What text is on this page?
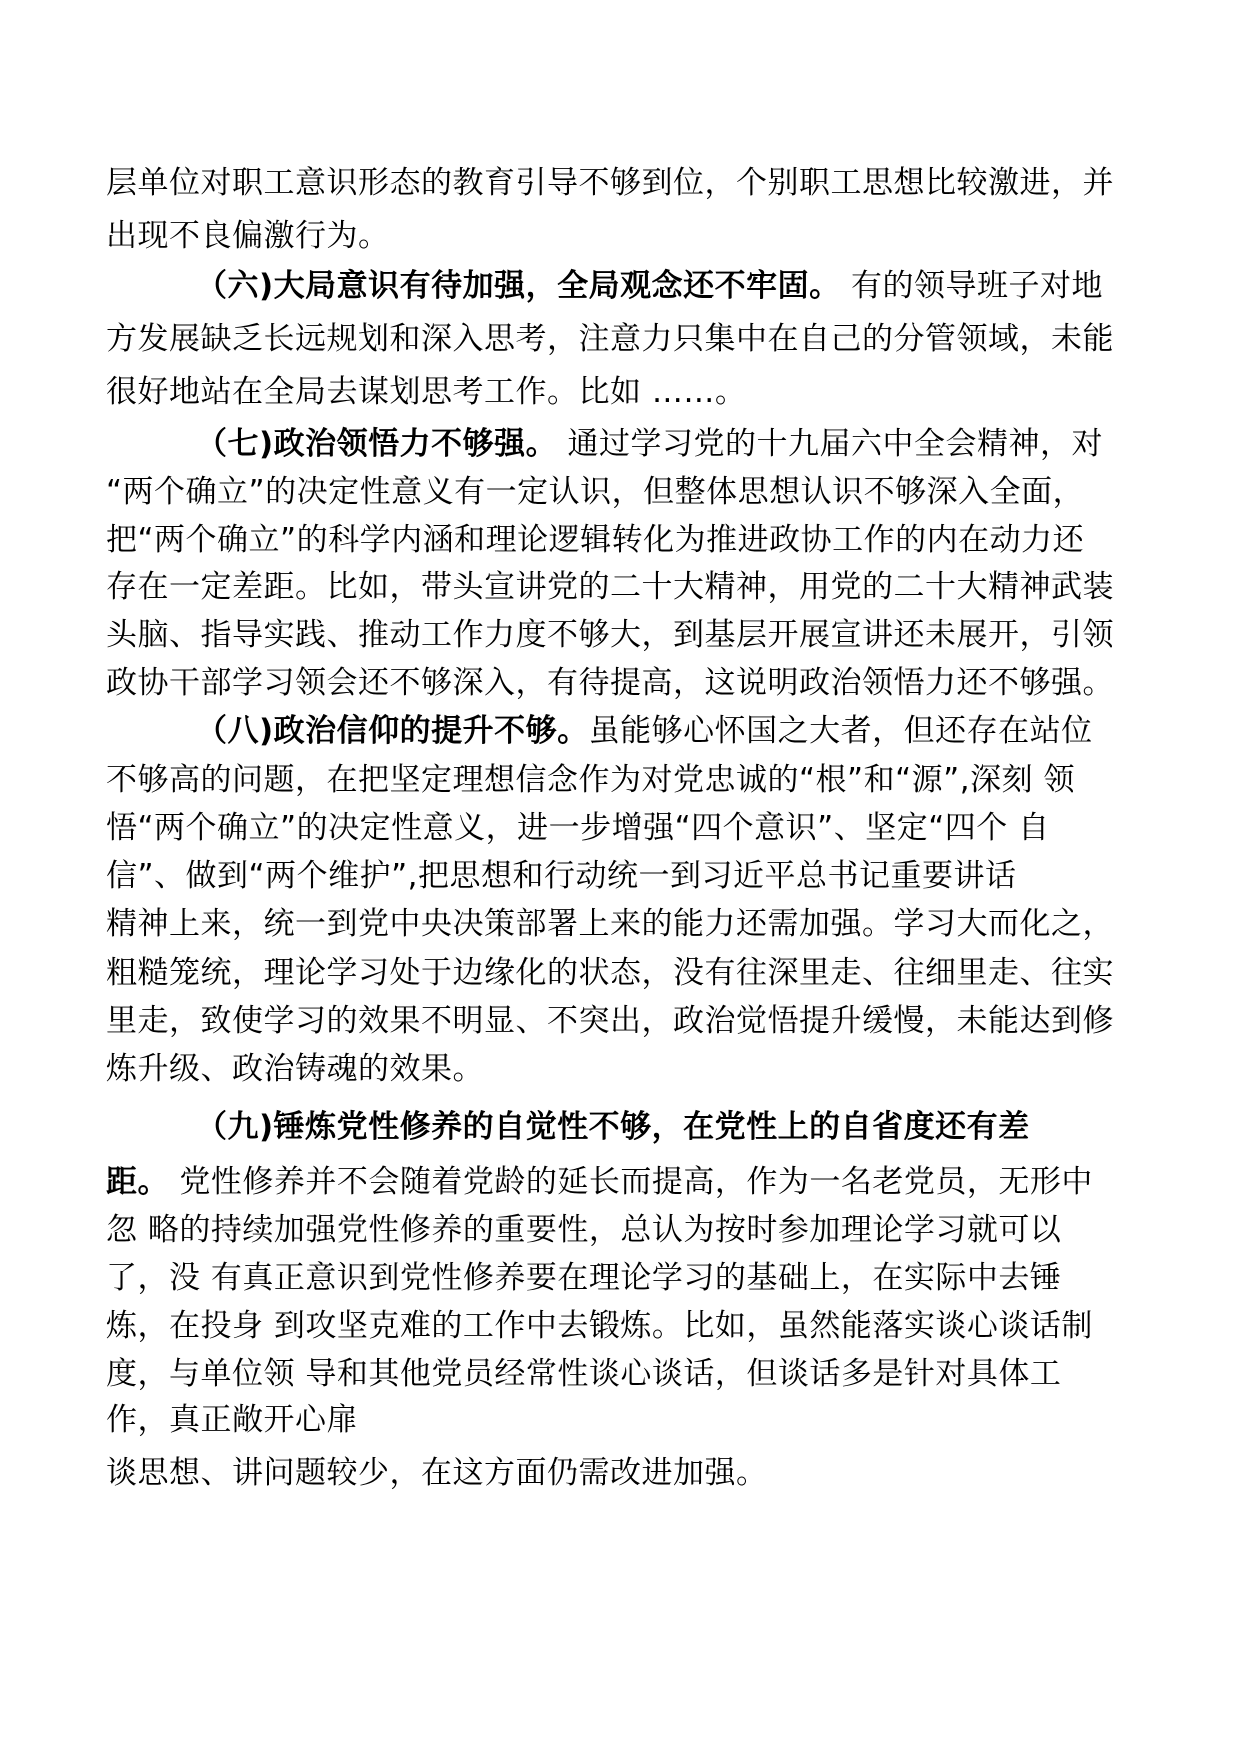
层单位对职工意识形态的教育引导不够到位，个别职工思想比较激进，并
出现不良偏激行为。
（六)大局意识有待加强，全局观念还不牢固。 有的领导班子对地
方发展缺乏长远规划和深入思考，注意力只集中在自己的分管领域，未能
很好地站在全局去谋划思考工作。比如 ……。
（七)政治领悟力不够强。 通过学习党的十九届六中全会精神，对
“两个确立”的决定性意义有一定认识，但整体思想认识不够深入全面，
把“两个确立”的科学内涵和理论逻辑转化为推进政协工作的内在动力还
存在一定差距。比如，带头宣讲党的二十大精神，用党的二十大精神武装
头脑、指导实践、推动工作力度不够大，到基层开展宣讲还未展开，引领
政协干部学习领会还不够深入，有待提高，这说明政治领悟力还不够强。
（八)政治信仰的提升不够。虽能够心怀国之大者，但还存在站位
不够高的问题，在把坚定理想信念作为对党忠诚的“根”和“源”,深刻 领
悟“两个确立”的决定性意义，进一步增强“四个意识”、坚定“四个 自
信”、做到“两个维护”,把思想和行动统一到习近平总书记重要讲话
精神上来，统一到党中央决策部署上来的能力还需加强。学习大而化之，
粗糙笼统，理论学习处于边缘化的状态，没有往深里走、往细里走、往实
里走，致使学习的效果不明显、不突出，政治觉悟提升缓慢，未能达到修
炼升级、政治铸魂的效果。
（九)锤炼党性修养的自觉性不够，在党性上的自省度还有差
距。 党性修养并不会随着党龄的延长而提高，作为一名老党员，无形中
忽 略的持续加强党性修养的重要性，总认为按时参加理论学习就可以
了，没 有真正意识到党性修养要在理论学习的基础上，在实际中去锤
炼，在投身 到攻坚克难的工作中去锻炼。比如，虽然能落实谈心谈话制
度，与单位领 导和其他党员经常性谈心谈话，但谈话多是针对具体工
作，真正敞开心扉
谈思想、讲问题较少，在这方面仍需改进加强。
